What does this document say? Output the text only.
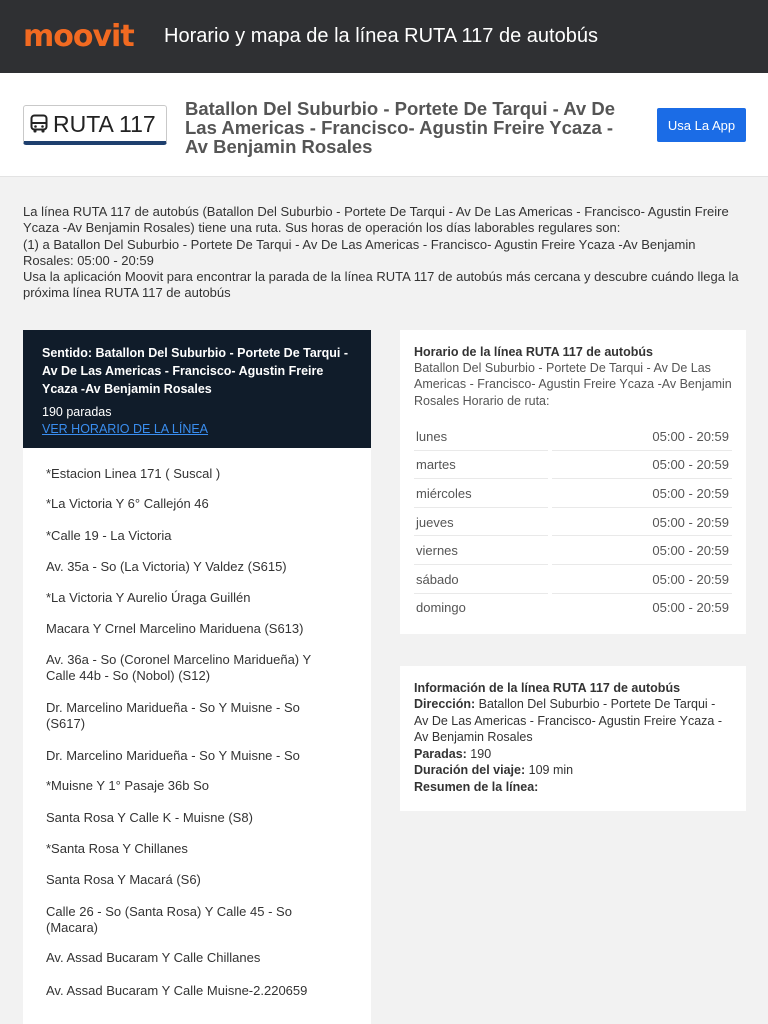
moovit Horario y mapa de la línea RUTA 117 de autobús
RUTA 117
Batallon Del Suburbio - Portete De Tarqui - Av De Las Americas - Francisco- Agustin Freire Ycaza - Av Benjamin Rosales
Usa La App

La línea RUTA 117 de autobús (Batallon Del Suburbio - Portete De Tarqui - Av De Las Americas - Francisco- Agustin Freire Ycaza -Av Benjamin Rosales) tiene una ruta. Sus horas de operación los días laborables regulares son:

(1) a Batallon Del Suburbio - Portete De Tarqui - Av De Las Americas - Francisco- Agustin Freire Ycaza -Av Benjamin Rosales: 05:00 - 20:59

Usa la aplicación Moovit para encontrar la parada de la línea RUTA 117 de autobús más cercana y descubre cuándo llega la próxima línea RUTA 117 de autobús

Sentido: Batallon Del Suburbio - Portete De Tarqui - Av De Las Americas - Francisco- Agustin Freire Ycaza -Av Benjamin Rosales
190 paradas
VER HORARIO DE LA LÍNEA
*Estacion Linea 171 ( Suscal )
*La Victoria Y 6° Callejón 46
*Calle 19 - La Victoria
Av. 35a - So (La Victoria) Y Valdez (S615)
*La Victoria Y Aurelio Úraga Guillén
Macara Y Crnel Marcelino Mariduena (S613)
Av. 36a - So (Coronel Marcelino Maridueña) Y Calle 44b - So (Nobol) (S12)
Dr. Marcelino Maridueña - So Y Muisne - So (S617)
Dr. Marcelino Maridueña - So Y Muisne - So
*Muisne Y 1° Pasaje 36b So
Santa Rosa Y Calle K - Muisne (S8)
*Santa Rosa Y Chillanes
Santa Rosa Y Macará (S6)
Calle 26 - So (Santa Rosa) Y Calle 45 - So (Macara)
Av. Assad Bucaram Y Calle Chillanes
Av. Assad Bucaram Y Calle Muisne-2.220659
Horario de la línea RUTA 117 de autobús
Batallon Del Suburbio - Portete De Tarqui - Av De Las Americas - Francisco- Agustin Freire Ycaza -Av Benjamin Rosales Horario de ruta:
lunes	05:00 - 20:59
martes	05:00 - 20:59
miércoles	05:00 - 20:59
jueves	05:00 - 20:59
viernes	05:00 - 20:59
sábado	05:00 - 20:59
domingo	05:00 - 20:59
Información de la línea RUTA 117 de autobús
Dirección: Batallon Del Suburbio - Portete De Tarqui - Av De Las Americas - Francisco- Agustin Freire Ycaza -Av Benjamin Rosales
Paradas: 190
Duración del viaje: 109 min
Resumen de la línea:
